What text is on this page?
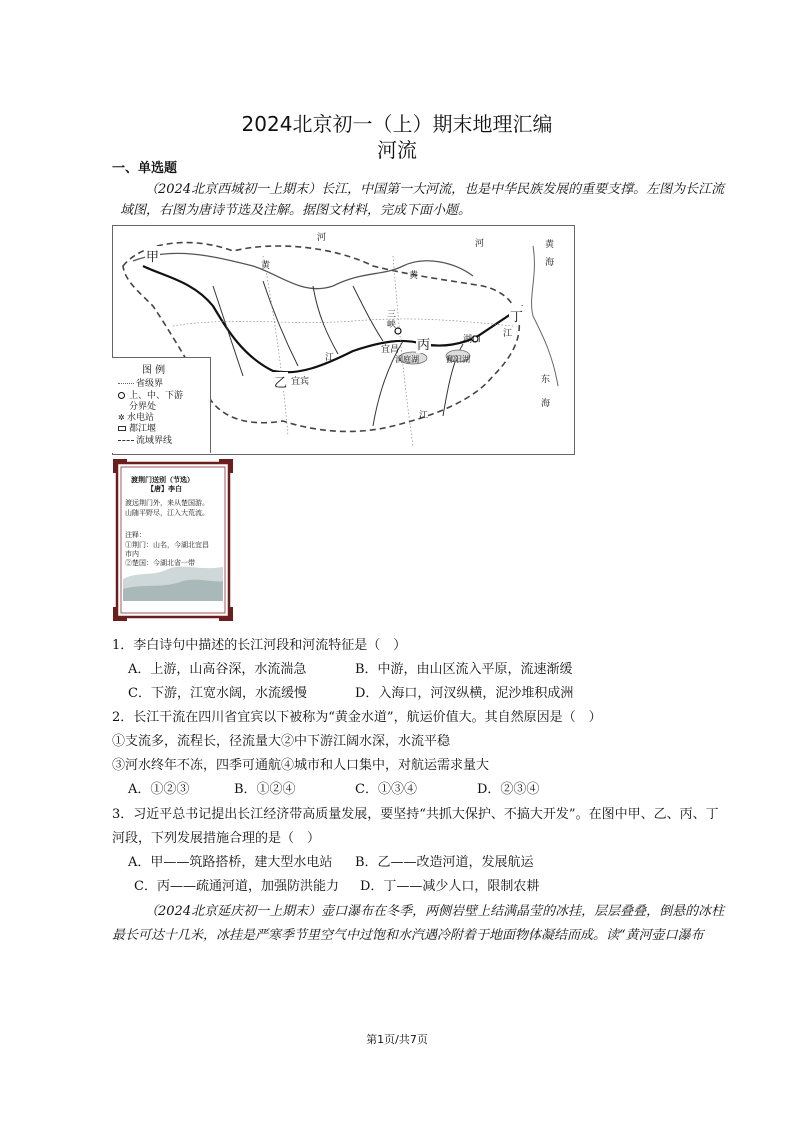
2024北京初一（上）期末地理汇编
河流
一、单选题
（2024北京西城初一上期末）长江，中国第一大河流，也是中华民族发展的重要支撑。左图为长江流
域图，右图为唐诗节选及注解。据图文材料，完成下面小题。
甲
乙
丙
丁
宜宾
宜昌
三峡
湖口
洞庭湖	鄱阳湖
黄海
东海
河
河
黄
黄
江
江
江
图 例
省级界
上、中、下游
分界处
✲ 水电站
都江堰
流域界线
渡荆门送别（节选）
【唐】李白
渡远荆门外，来从楚国游。
山随平野尽，江入大荒流。
注释：
①荆门：山名，今湖北宜昌
市内
②楚国：今湖北省一带
1．李白诗句中描述的长江河段和河流特征是（　）
A．上游，山高谷深，水流湍急	B．中游，由山区流入平原，流速渐缓
C．下游，江宽水阔，水流缓慢	D．入海口，河汊纵横，泥沙堆积成洲
2．长江干流在四川省宜宾以下被称为“黄金水道”，航运价值大。其自然原因是（　）
①支流多，流程长，径流量大②中下游江阔水深，水流平稳
③河水终年不冻，四季可通航④城市和人口集中，对航运需求量大
A．①②③	B．①②④	C．①③④	D．②③④
3．习近平总书记提出长江经济带高质量发展，要坚持“共抓大保护、不搞大开发”。在图中甲、乙、丙、丁
河段，下列发展措施合理的是（　）
A．甲——筑路搭桥，建大型水电站 B．乙——改造河道，发展航运
C．丙——疏通河道，加强防洪能力 D．丁——减少人口，限制农耕
（2024北京延庆初一上期末）壶口瀑布在冬季，两侧岩壁上结满晶莹的冰挂，层层叠叠，倒悬的冰柱
最长可达十几米，冰挂是严寒季节里空气中过饱和水汽遇冷附着于地面物体凝结而成。读“黄河壶口瀑布
第1页/共7页
